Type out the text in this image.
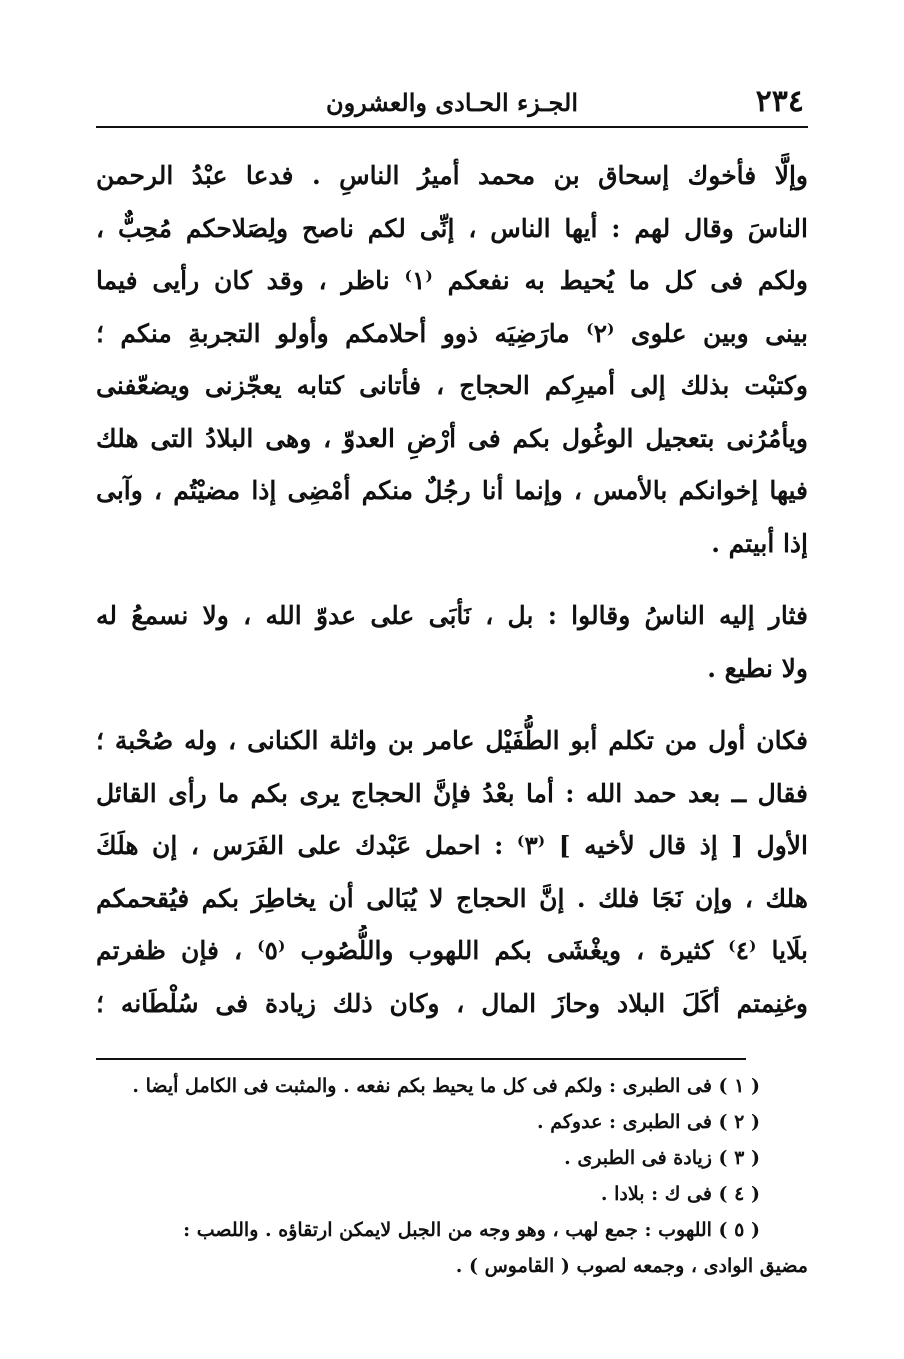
٢٣٤
الجـزء الحـادى والعشرون
وإلَّا فأخوك إسحاق بن محمد أميرُ الناسِ . فدعا عبْدُ الرحمن
الناسَ وقال لهم : أيها الناس ، إنِّى لكم ناصح ولِصَلاحكم مُحِبٌّ ،
ولكم فى كل ما يُحيط به نفعكم ⁽١⁾ ناظر ، وقد كان رأيى فيما
بينى وبين علوى ⁽٢⁾ مارَضِيَه ذوو أحلامكم وأولو التجربةِ منكم ؛
وكتبْت بذلك إلى أميرِكم الحجاج ، فأتانى كتابه يعجّزنى ويضعّفنى
ويأمُرُنى بتعجيل الوغُول بكم فى أرْضِ العدوّ ، وهى البلادُ التى هلك
فيها إخوانكم بالأمس ، وإنما أنا رجُلٌ منكم أمْضِى إذا مضيْتُم ، وآبى
إذا أبيتم .
فثار إليه الناسُ وقالوا : بل ، نَأبَى على عدوّ الله ، ولا نسمعُ له
ولا نطيع .
فكان أول من تكلم أبو الطُّفَيْل عامر بن واثلة الكنانى ، وله صُحْبة ؛
فقال ــ بعد حمد الله : أما بعْدُ فإنَّ الحجاج يرى بكم ما رأى القائل
الأول [ إذ قال لأخيه ] ⁽٣⁾ : احمل عَبْدك على الفَرَس ، إن هلَكَ
هلك ، وإن نَجَا فلك . إنَّ الحجاج لا يُبَالى أن يخاطِرَ بكم فيُقحمكم
بلَايا ⁽٤⁾ كثيرة ، ويغْشَى بكم اللهوب واللُّصُوب ⁽٥⁾ ، فإن ظفرتم
وغنِمتم أكَلَ البلاد وحازَ المال ، وكان ذلك زيادة فى سُلْطَانه ؛
( ١ ) فى الطبرى : ولكم فى كل ما يحيط بكم نفعه . والمثبت فى الكامل أيضا .
( ٢ ) فى الطبرى : عدوكم .
( ٣ ) زيادة فى الطبرى .
( ٤ ) فى ك : بلادا .
( ٥ ) اللهوب : جمع لهب ، وهو وجه من الجبل لايمكن ارتقاؤه . واللصب :
مضيق الوادى ، وجمعه لصوب ( القاموس ) .
